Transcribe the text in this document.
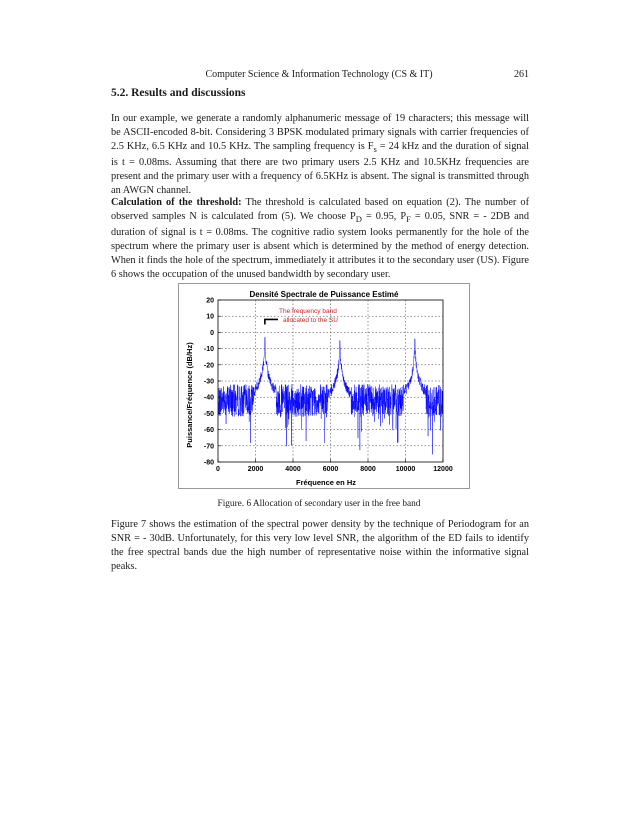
Computer Science & Information Technology (CS & IT)	261
5.2. Results and discussions

In our example, we generate a randomly alphanumeric message of 19 characters; this message will be ASCII-encoded 8-bit. Considering 3 BPSK modulated primary signals with carrier frequencies of 2.5 KHz, 6.5 KHz and 10.5 KHz. The sampling frequency is $F_s = 24$ kHz and the duration of signal is t = 0.08ms. Assuming that there are two primary users 2.5 KHz and 10.5KHz frequencies are present and the primary user with a frequency of 6.5KHz is absent. The signal is transmitted through an AWGN channel.

Calculation of the threshold: The threshold is calculated based on equation (2). The number of observed samples N is calculated from (5). We choose $P_D = 0.95$, $P_F = 0.05$, SNR = - 2DB and duration of signal is t = 0.08ms. The cognitive radio system looks permanently for the hole of the spectrum where the primary user is absent which is determined by the method of energy detection. When it finds the hole of the spectrum, immediately it attributes it to the secondary user (US). Figure 6 shows the occupation of the unused bandwidth by secondary user.

Densité Spectrale de Puissance Estimé
Fréquence en Hz
Puissance/Fréquence (dB/Hz)
0	2000	4000	6000	8000	10000	12000
20
10
0
-10
-20
-30
-40
-50
-60
-70
-80
The frequency band
allocated to the SU
Figure. 6 Allocation of secondary user in the free band

Figure 7 shows the estimation of the spectral power density by the technique of Periodogram for an SNR = - 30dB. Unfortunately, for this very low level SNR, the algorithm of the ED fails to identify the free spectral bands due the high number of representative noise within the informative signal peaks.
